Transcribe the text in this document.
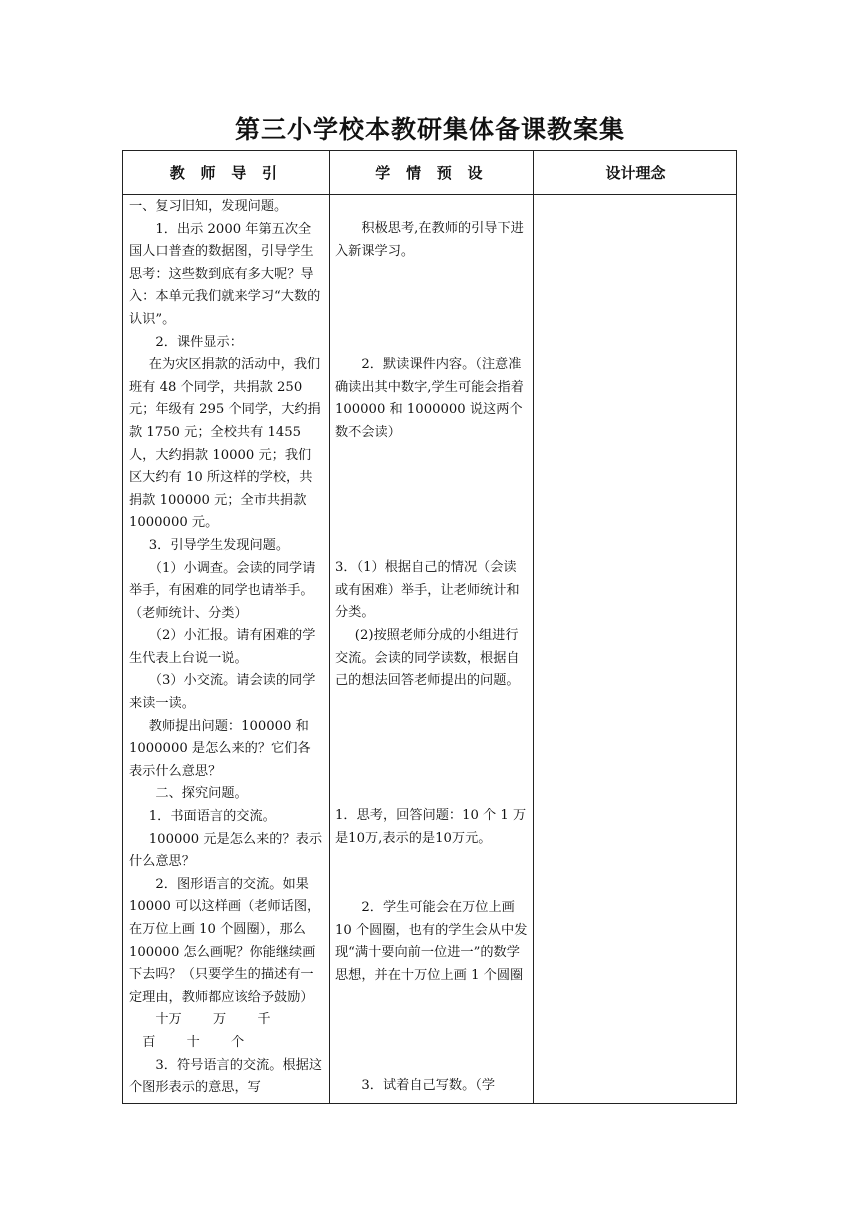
第三小学校本教研集体备课教案集
教 师 导 引	学 情 预 设	设计理念

一、复习旧知，发现问题。

1．出示 2000 年第五次全国人口普查的数据图，引导学生思考：这些数到底有多大呢？导入：本单元我们就来学习“大数的认识”。

2．课件显示：

在为灾区捐款的活动中，我们班有 48 个同学，共捐款 250 元；年级有 295 个同学，大约捐款 1750 元；全校共有 1455 人，大约捐款 10000 元；我们区大约有 10 所这样的学校，共捐款 100000 元；全市共捐款 1000000 元。

3．引导学生发现问题。

（1）小调查。会读的同学请举手，有困难的同学也请举手。（老师统计、分类）

（2）小汇报。请有困难的学生代表上台说一说。

（3）小交流。请会读的同学来读一读。

教师提出问题：100000 和 1000000 是怎么来的？它们各表示什么意思？

二、探究问题。

1．书面语言的交流。

100000 元是怎么来的？表示什么意思？

2．图形语言的交流。如果 10000 可以这样画（老师话图，在万位上画 10 个圆圈），那么 100000 怎么画呢？你能继续画下去吗？（只要学生的描述有一定理由，教师都应该给予鼓励）

十万 万 千百 十 个

3．符号语言的交流。根据这个图形表示的意思，写

积极思考,在教师的引导下进入新课学习。
2．默读课件内容。（注意准确读出其中数字,学生可能会指着 100000 和 1000000 说这两个数不会读）
3．（1）根据自己的情况（会读或有困难）举手，让老师统计和分类。
(2)按照老师分成的小组进行交流。会读的同学读数，根据自己的想法回答老师提出的问题。
1．思考，回答问题：10 个 1 万是10万,表示的是10万元。
2．学生可能会在万位上画 10 个圆圈，也有的学生会从中发现“满十要向前一位进一”的数学思想，并在十万位上画 1 个圆圈
3．试着自己写数。（学
